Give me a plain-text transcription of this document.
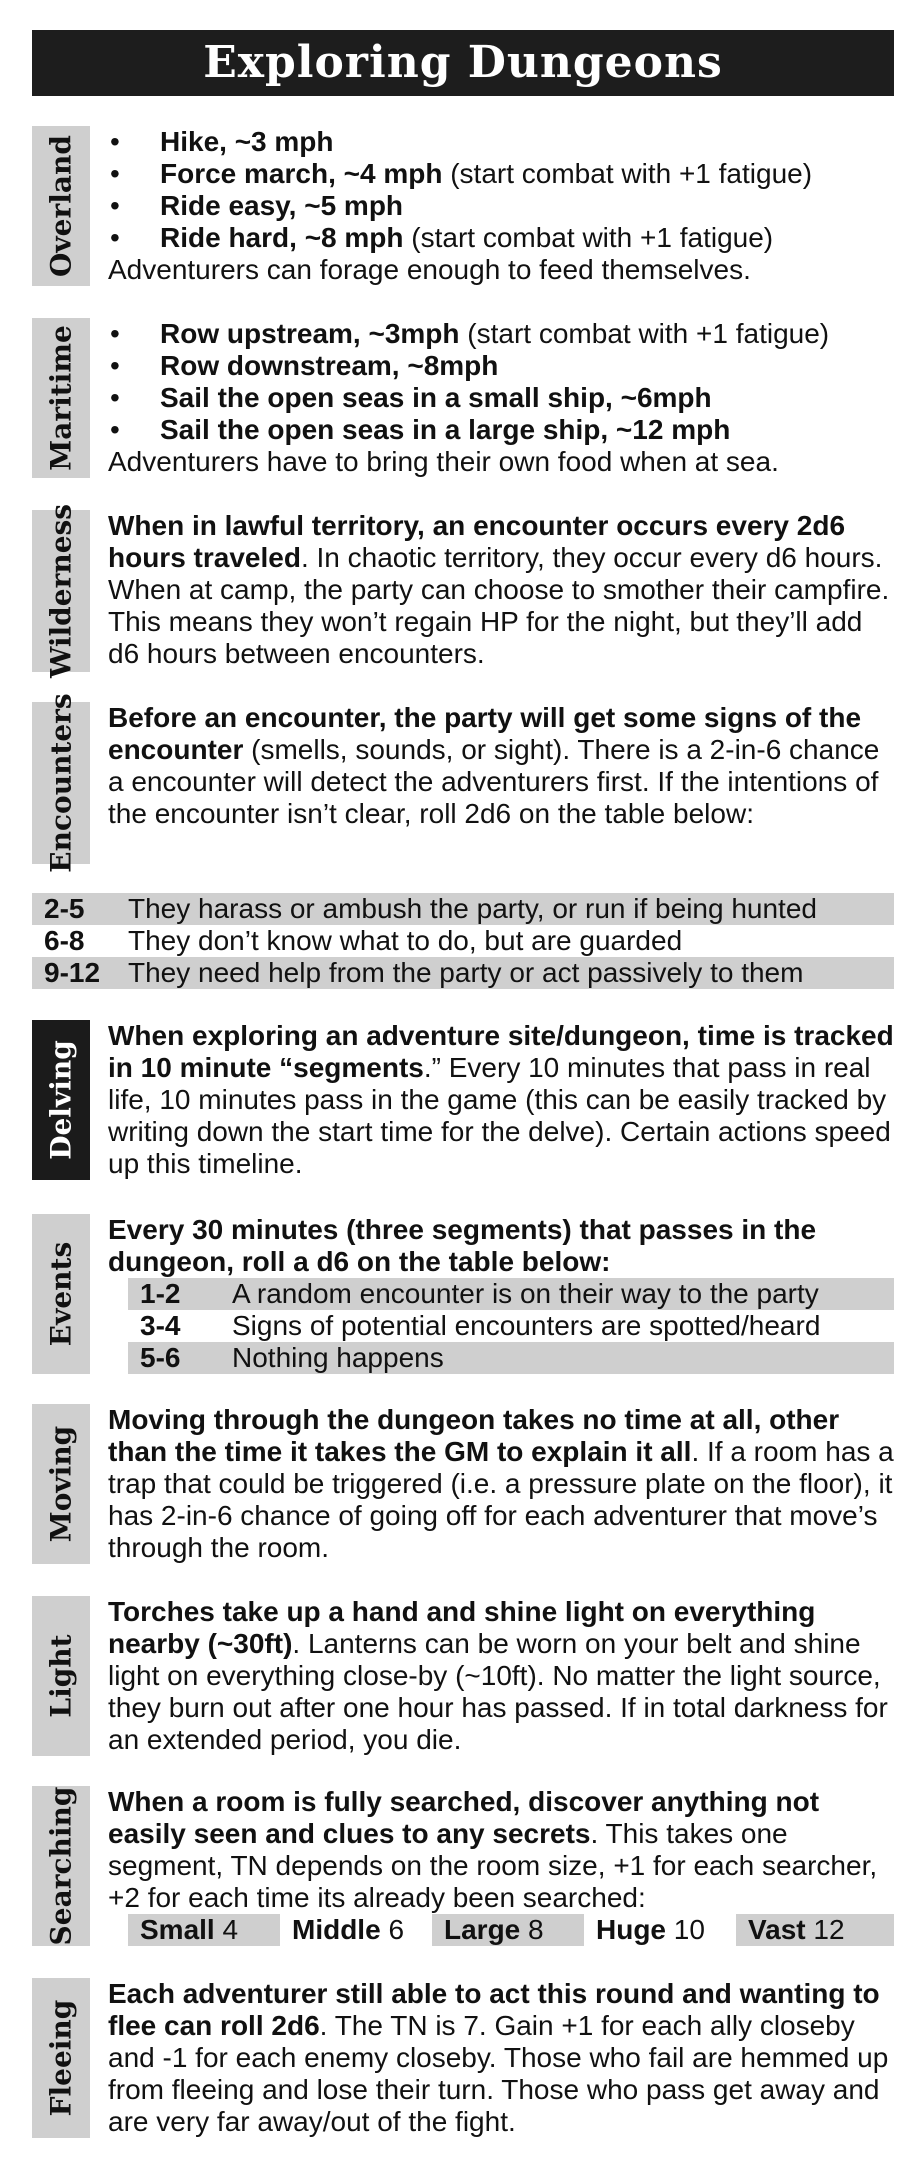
Exploring Dungeons
Overland	• Hike, ~3 mph
• Force march, ~4 mph (start combat with +1 fatigue)
• Ride easy, ~5 mph
• Ride hard, ~8 mph (start combat with +1 fatigue)

Adventurers can forage enough to feed themselves.

Maritime	• Row upstream, ~3mph (start combat with +1 fatigue)
• Row downstream, ~8mph
• Sail the open seas in a small ship, ~6mph
• Sail the open seas in a large ship, ~12 mph

Adventurers have to bring their own food when at sea.

Wilderness When in lawful territory, an encounter occurs every 2d6 hours traveled. In chaotic territory, they occur every d6 hours. When at camp, the party can choose to smother their campfire. This means they won’t regain HP for the night, but they’ll add d6 hours between encounters.

Encounters Before an encounter, the party will get some signs of the encounter (smells, sounds, or sight). There is a 2-in-6 chance a encounter will detect the adventurers first. If the intentions of the encounter isn’t clear, roll 2d6 on the table below:

2-5 They harass or ambush the party, or run if being hunted
6-8 They don’t know what to do, but are guarded
9-12 They need help from the party or act passively to them
Delving

When exploring an adventure site/dungeon, time is tracked in 10 minute “segments.” Every 10 minutes that pass in real life, 10 minutes pass in the game (this can be easily tracked by writing down the start time for the delve). Certain actions speed up this timeline.

Events

Every 30 minutes (three segments) that passes in the dungeon, roll a d6 on the table below:

1-2 A random encounter is on their way to the party
3-4 Signs of potential encounters are spotted/heard
5-6 Nothing happens
Moving

Moving through the dungeon takes no time at all, other than the time it takes the GM to explain it all. If a room has a trap that could be triggered (i.e. a pressure plate on the floor), it has 2-in-6 chance of going off for each adventurer that move’s through the room.

Light

Torches take up a hand and shine light on everything nearby (~30ft). Lanterns can be worn on your belt and shine light on everything close-by (~10ft). No matter the light source, they burn out after one hour has passed. If in total darkness for an extended period, you die.

Searching When a room is fully searched, discover anything not easily seen and clues to any secrets. This takes one segment, TN depends on the room size, +1 for each searcher, +2 for each time its already been searched:

Small 4	Middle 6	Large 8	Huge 10	Vast 12
Fleeing

Each adventurer still able to act this round and wanting to flee can roll 2d6. The TN is 7. Gain +1 for each ally closeby and -1 for each enemy closeby. Those who fail are hemmed up from fleeing and lose their turn. Those who pass get away and are very far away/out of the fight.
